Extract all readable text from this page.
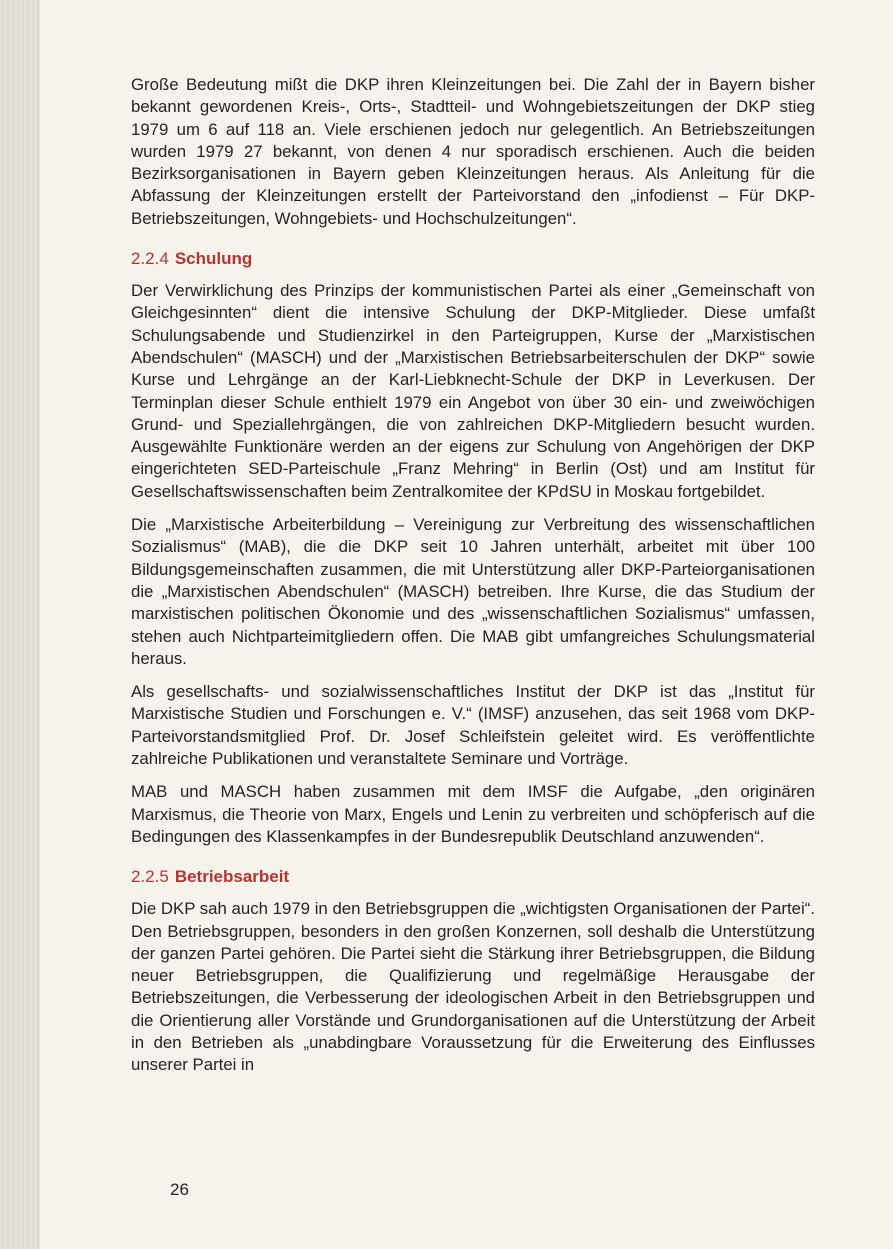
Große Bedeutung mißt die DKP ihren Kleinzeitungen bei. Die Zahl der in Bayern bisher bekannt gewordenen Kreis-, Orts-, Stadtteil- und Wohngebietszeitungen der DKP stieg 1979 um 6 auf 118 an. Viele erschienen jedoch nur gelegentlich. An Betriebszeitungen wurden 1979 27 bekannt, von denen 4 nur sporadisch erschienen. Auch die beiden Bezirksorganisationen in Bayern geben Kleinzeitungen heraus. Als Anleitung für die Abfassung der Kleinzeitungen erstellt der Parteivorstand den „infodienst – Für DKP-Betriebszeitungen, Wohngebiets- und Hochschulzeitungen“.

2.2.4 Schulung

Der Verwirklichung des Prinzips der kommunistischen Partei als einer „Gemeinschaft von Gleichgesinnten“ dient die intensive Schulung der DKP-Mitglieder. Diese umfaßt Schulungsabende und Studienzirkel in den Parteigruppen, Kurse der „Marxistischen Abendschulen“ (MASCH) und der „Marxistischen Betriebsarbeiterschulen der DKP“ sowie Kurse und Lehrgänge an der Karl-Liebknecht-Schule der DKP in Leverkusen. Der Terminplan dieser Schule enthielt 1979 ein Angebot von über 30 ein- und zweiwöchigen Grund- und Speziallehrgängen, die von zahlreichen DKP-Mitgliedern besucht wurden. Ausgewählte Funktionäre werden an der eigens zur Schulung von Angehörigen der DKP eingerichteten SED-Parteischule „Franz Mehring“ in Berlin (Ost) und am Institut für Gesellschaftswissenschaften beim Zentralkomitee der KPdSU in Moskau fortgebildet.

Die „Marxistische Arbeiterbildung – Vereinigung zur Verbreitung des wissenschaftlichen Sozialismus“ (MAB), die die DKP seit 10 Jahren unterhält, arbeitet mit über 100 Bildungsgemeinschaften zusammen, die mit Unterstützung aller DKP-Parteiorganisationen die „Marxistischen Abendschulen“ (MASCH) betreiben. Ihre Kurse, die das Studium der marxistischen politischen Ökonomie und des „wissenschaftlichen Sozialismus“ umfassen, stehen auch Nichtparteimitgliedern offen. Die MAB gibt umfangreiches Schulungsmaterial heraus.

Als gesellschafts- und sozialwissenschaftliches Institut der DKP ist das „Institut für Marxistische Studien und Forschungen e. V.“ (IMSF) anzusehen, das seit 1968 vom DKP-Parteivorstandsmitglied Prof. Dr. Josef Schleifstein geleitet wird. Es veröffentlichte zahlreiche Publikationen und veranstaltete Seminare und Vorträge.

MAB und MASCH haben zusammen mit dem IMSF die Aufgabe, „den originären Marxismus, die Theorie von Marx, Engels und Lenin zu verbreiten und schöpferisch auf die Bedingungen des Klassenkampfes in der Bundesrepublik Deutschland anzuwenden“.

2.2.5 Betriebsarbeit

Die DKP sah auch 1979 in den Betriebsgruppen die „wichtigsten Organisationen der Partei“. Den Betriebsgruppen, besonders in den großen Konzernen, soll deshalb die Unterstützung der ganzen Partei gehören. Die Partei sieht die Stärkung ihrer Betriebsgruppen, die Bildung neuer Betriebsgruppen, die Qualifizierung und regelmäßige Herausgabe der Betriebszeitungen, die Verbesserung der ideologischen Arbeit in den Betriebsgruppen und die Orientierung aller Vorstände und Grundorganisationen auf die Unterstützung der Arbeit in den Betrieben als „unabdingbare Voraussetzung für die Erweiterung des Einflusses unserer Partei in

26
